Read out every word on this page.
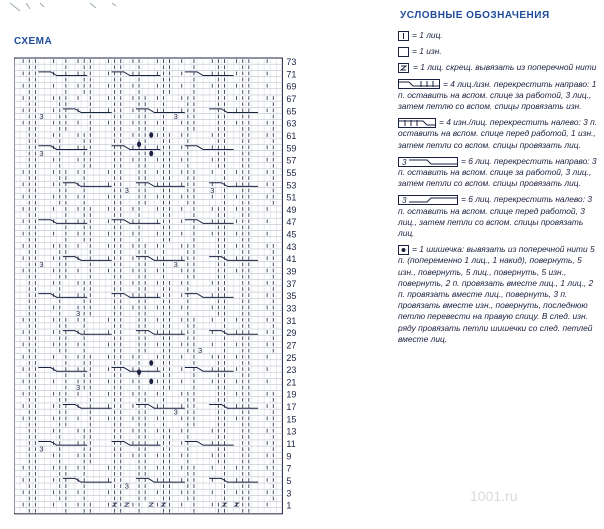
СХЕМА
УСЛОВНЫЕ ОБОЗНАЧЕНИЯ
3	3
3
3	3
3	3
3
3
3
3
3
3
73
71
69
67
65
63
61
59
57
55
53
51
49
47
45
43
41
39
37
35
33
31
29
27
25
23
21
19
17
15
13
11
9
7
5
3
1
= 1 лиц.
= 1 изн.
= 1 лиц. скрещ. вывязать из поперечной нити
= 4 лиц./изн. перекрестить направо: 1 п. оставить на вспом. спице за работой, 3 лиц., затем петлю со вспом. спицы провязать изн.
= 4 изн./лиц. перекрестить налево: 3 п. оставить на вспом. спице перед работой, 1 изн., затем петли со вспом. спицы провязать лиц.
3	= 6 лиц. перекрестить направо: 3 п. оставить на вспом. спице за работой, 3 лиц., затем петли со вспом. спицы провязать лиц.
3	= 6 лиц. перекрестить налево: 3 п. оставить на вспом. спице перед работой, 3 лиц., затем петли со вспом. спицы провязать лиц.
= 1 шишечка: вывязать из поперечной нити 5 п. (попеременно 1 лиц., 1 накид), повернуть, 5 изн., повернуть, 5 лиц., повернуть, 5 изн., повернуть, 2 п. провязать вместе лиц., 1 лиц., 2 п. провязать вместе лиц., повернуть, 3 п. провязать вместе изн., повернуть, последнюю петлю перевести на правую спицу. В след. изн. ряду провязать петли шишечки со след. петлей вместе лиц.
1001.ru
